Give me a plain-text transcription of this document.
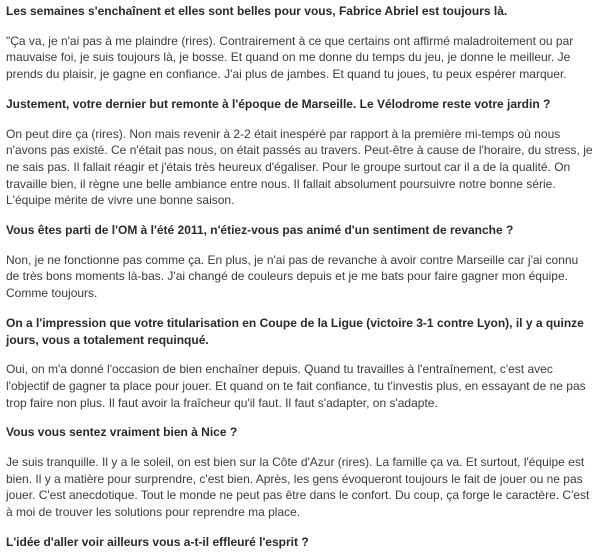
Les semaines s'enchaînent et elles sont belles pour vous, Fabrice Abriel est toujours là.

"Ça va, je n'ai pas à me plaindre (rires). Contrairement à ce que certains ont affirmé maladroitement ou par mauvaise foi, je suis toujours là, je bosse. Et quand on me donne du temps du jeu, je donne le meilleur. Je prends du plaisir, je gagne en confiance. J'ai plus de jambes. Et quand tu joues, tu peux espérer marquer.

Justement, votre dernier but remonte à l'époque de Marseille. Le Vélodrome reste votre jardin ?

On peut dire ça (rires). Non mais revenir à 2-2 était inespéré par rapport à la première mi-temps où nous n'avons pas existé. Ce n'était pas nous, on était passés au travers. Peut-être à cause de l'horaire, du stress, je ne sais pas. Il fallait réagir et j'étais très heureux d'égaliser. Pour le groupe surtout car il a de la qualité. On travaille bien, il règne une belle ambiance entre nous. Il fallait absolument poursuivre notre bonne série. L'équipe mérite de vivre une bonne saison.

Vous êtes parti de l'OM à l'été 2011, n'étiez-vous pas animé d'un sentiment de revanche ?

Non, je ne fonctionne pas comme ça. En plus, je n'ai pas de revanche à avoir contre Marseille car j'ai connu de très bons moments là-bas. J'ai changé de couleurs depuis et je me bats pour faire gagner mon équipe. Comme toujours.

On a l'impression que votre titularisation en Coupe de la Ligue (victoire 3-1 contre Lyon), il y a quinze jours, vous a totalement requinqué.

Oui, on m'a donné l'occasion de bien enchaîner depuis. Quand tu travailles à l'entraînement, c'est avec l'objectif de gagner ta place pour jouer. Et quand on te fait confiance, tu t'investis plus, en essayant de ne pas trop faire non plus. Il faut avoir la fraîcheur qu'il faut. Il faut s'adapter, on s'adapte.

Vous vous sentez vraiment bien à Nice ?

Je suis tranquille. Il y a le soleil, on est bien sur la Côte d'Azur (rires). La famille ça va. Et surtout, l'équipe est bien. Il y a matière pour surprendre, c'est bien. Après, les gens évoqueront toujours le fait de jouer ou ne pas jouer. C'est anecdotique. Tout le monde ne peut pas être dans le confort. Du coup, ça forge le caractère. C'est à moi de trouver les solutions pour reprendre ma place.

L'idée d'aller voir ailleurs vous a-t-il effleuré l'esprit ?
